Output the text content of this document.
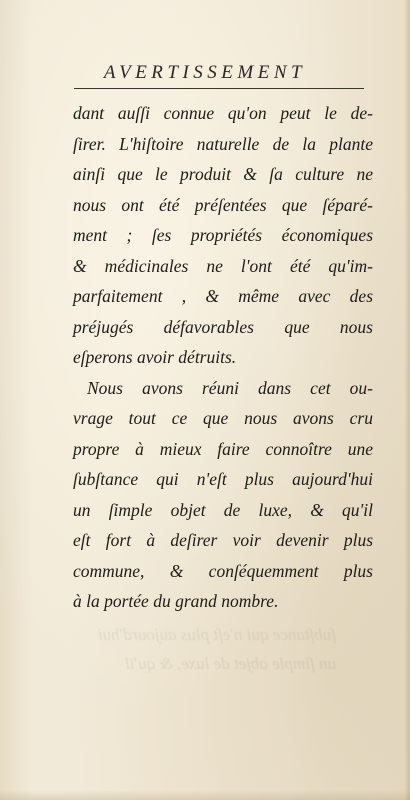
AVERTISSEMENT
dant auſſi connue qu'on peut le de-
ſirer. L'hiſtoire naturelle de la plante
ainſi que le produit & ſa culture ne
nous ont été préſentées que ſéparé-
ment ; ſes propriétés économiques
& médicinales ne l'ont été qu'im-
parfaitement , & même avec des
préjugés défavorables que nous
eſperons avoir détruits.
Nous avons réuni dans cet ou-
vrage tout ce que nous avons cru
propre à mieux faire connoître une
ſubſtance qui n'eſt plus aujourd'hui
un ſimple objet de luxe, & qu'il
eſt fort à deſirer voir devenir plus
commune, & conſéquemment plus
à la portée du grand nombre.
ſubſtance qui n'eſt plus aujourd'hui
un ſimple objet de luxe, & qu'il
